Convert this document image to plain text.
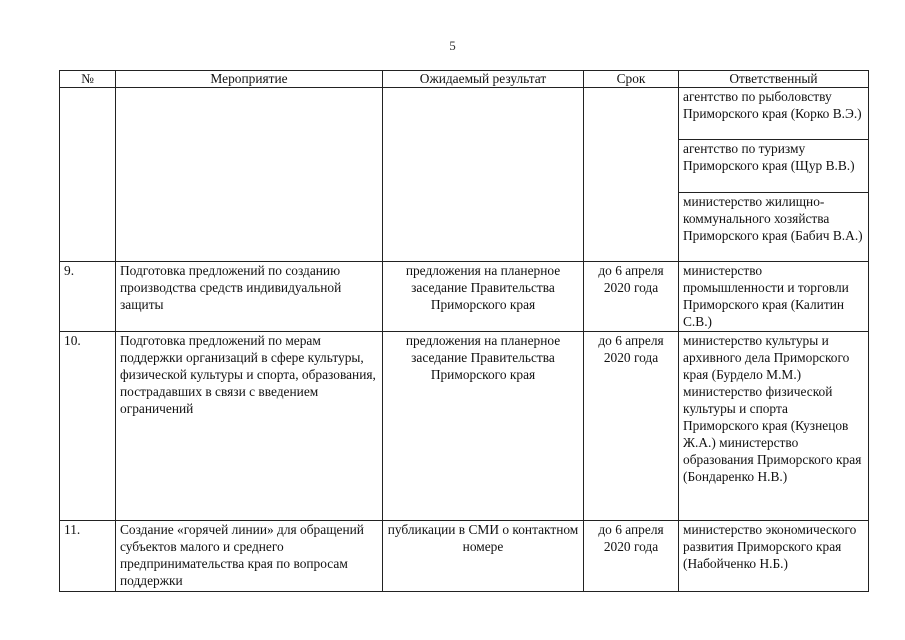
5
№	Мероприятие	Ожидаемый результат	Срок	Ответственный
				агентство по рыболовству Приморского края (Корко В.Э.)
				агентство по туризму Приморского края (Щур В.В.)
				министерство жилищно-коммунального хозяйства Приморского края (Бабич В.А.)
9.	Подготовка предложений по созданию производства средств индивидуальной защиты	предложения на планерное заседание Правительства Приморского края	до 6 апреля 2020 года	министерство промышленности и торговли Приморского края (Калитин С.В.)
10.	Подготовка предложений по мерам поддержки организаций в сфере культуры, физической культуры и спорта, образования, пострадавших в связи с введением ограничений	предложения на планерное заседание Правительства Приморского края	до 6 апреля 2020 года	министерство культуры и архивного дела Приморского края (Бурдело М.М.) министерство физической культуры и спорта Приморского края (Кузнецов Ж.А.) министерство образования Приморского края (Бондаренко Н.В.)
11.	Создание «горячей линии» для обращений субъектов малого и среднего предпринимательства края по вопросам поддержки	публикации в СМИ о контактном номере	до 6 апреля 2020 года	министерство экономического развития Приморского края (Набойченко Н.Б.)
